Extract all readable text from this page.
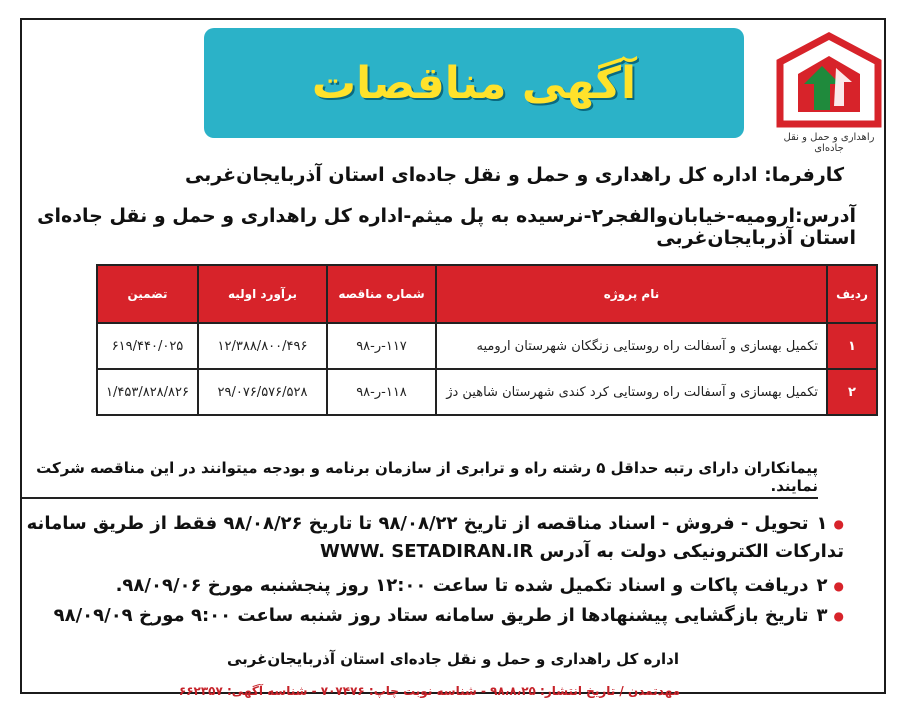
آگهی مناقصات
راهداری و حمل و نقل جاده‌ای
کارفرما: اداره کل راهداری و حمل و نقل جاده‌ای استان آذربایجان‌غربی
آدرس:ارومیه-خیابان‌والفجر۲-نرسیده به پل میثم-اداره کل راهداری و حمل و نقل جاده‌ای استان آذربایجان‌غربی
ردیف	نام پروژه	شماره مناقصه	برآورد اولیه	تضمین
۱	تکمیل بهسازی و آسفالت راه روستایی زنگکان شهرستان ارومیه	۱۱۷-ر-۹۸	۱۲/۳۸۸/۸۰۰/۴۹۶	۶۱۹/۴۴۰/۰۲۵
۲	تکمیل بهسازی و آسفالت راه روستایی کرد کندی شهرستان شاهین دژ	۱۱۸-ر-۹۸	۲۹/۰۷۶/۵۷۶/۵۲۸	۱/۴۵۳/۸۲۸/۸۲۶
پیمانکاران دارای رتبه حداقل ۵ رشته راه و ترابری از سازمان برنامه و بودجه میتوانند در این مناقصه شرکت نمایند.
●۱تحویل - فروش - اسناد مناقصه از تاریخ ۹۸/۰۸/۲۲ تا تاریخ ۹۸/۰۸/۲۶ فقط از طریق سامانه تدارکات الکترونیکی دولت به آدرس WWW. SETADIRAN.IR
●۲دریافت پاکات و اسناد تکمیل شده تا ساعت ۱۲:۰۰ روز پنجشنبه مورخ ۹۸/۰۹/۰۶.
●۳تاریخ بازگشایی پیشنهادها از طریق سامانه ستاد روز شنبه ساعت ۹:۰۰ مورخ ۹۸/۰۹/۰۹
اداره کل راهداری و حمل و نقل جاده‌ای استان آذربایجان‌غربی
مهدتمدن / تاریخ انتشار: ۹۸،۸،۲۵ - شناسه نوبت چاپ: ۷۰۷۴۷۶ - شناسه آگهی: ۶۶۲۳۵۷
